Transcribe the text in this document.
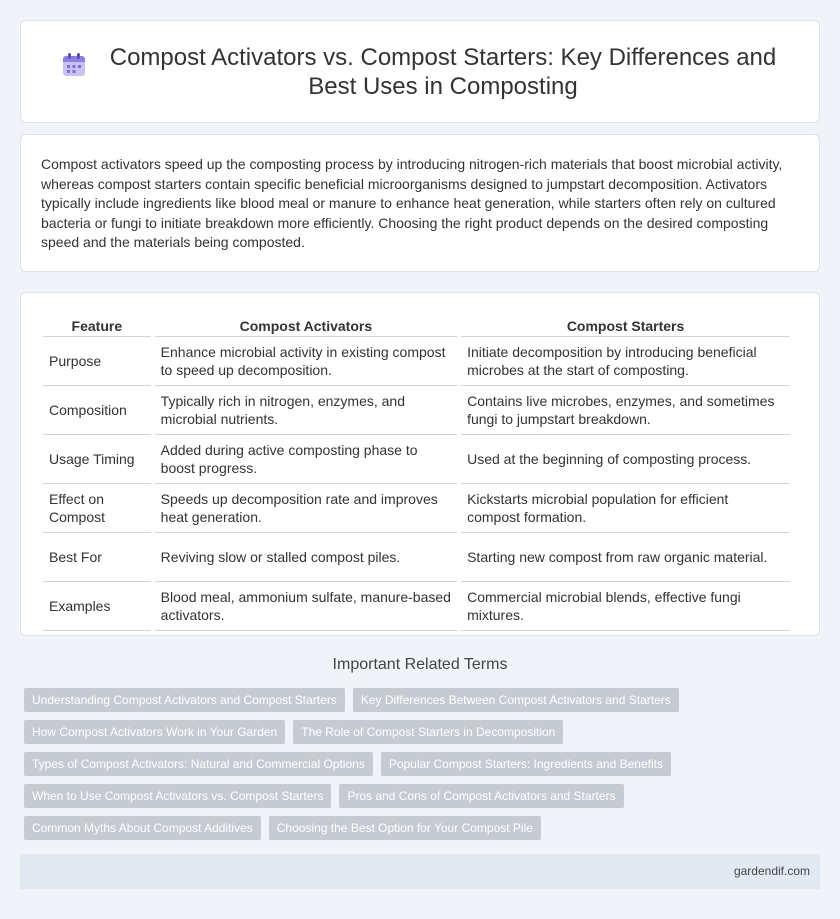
Compost Activators vs. Compost Starters: Key Differences and Best Uses in Composting

Compost activators speed up the composting process by introducing nitrogen-rich materials that boost microbial activity, whereas compost starters contain specific beneficial microorganisms designed to jumpstart decomposition. Activators typically include ingredients like blood meal or manure to enhance heat generation, while starters often rely on cultured bacteria or fungi to initiate breakdown more efficiently. Choosing the right product depends on the desired composting speed and the materials being composted.

Feature	Compost Activators	Compost Starters
Purpose	Enhance microbial activity in existing compost to speed up decomposition.	Initiate decomposition by introducing beneficial microbes at the start of composting.
Composition	Typically rich in nitrogen, enzymes, and microbial nutrients.	Contains live microbes, enzymes, and sometimes fungi to jumpstart breakdown.
Usage Timing	Added during active composting phase to boost progress.	Used at the beginning of composting process.
Effect on Compost	Speeds up decomposition rate and improves heat generation.	Kickstarts microbial population for efficient compost formation.
Best For	Reviving slow or stalled compost piles.	Starting new compost from raw organic material.
Examples	Blood meal, ammonium sulfate, manure-based activators.	Commercial microbial blends, effective fungi mixtures.
Important Related Terms
Understanding Compost Activators and Compost Starters	Key Differences Between Compost Activators and Starters
How Compost Activators Work in Your Garden	The Role of Compost Starters in Decomposition
Types of Compost Activators: Natural and Commercial Options	Popular Compost Starters: Ingredients and Benefits
When to Use Compost Activators vs. Compost Starters	Pros and Cons of Compost Activators and Starters
Common Myths About Compost Additives	Choosing the Best Option for Your Compost Pile
gardendif.com
